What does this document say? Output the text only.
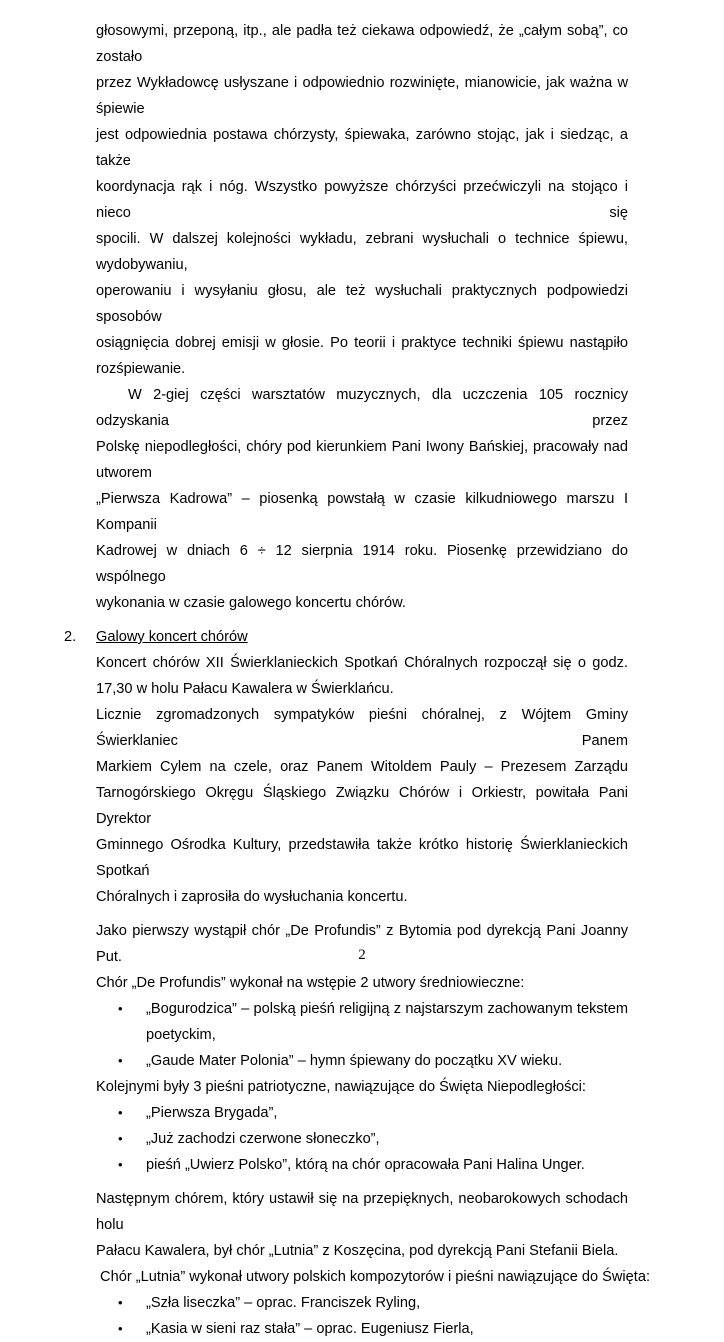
głosowymi, przeponą, itp., ale padła też ciekawa odpowiedź, że „całym sobą”, co zostało

przez Wykładowcę usłyszane i odpowiednio rozwinięte, mianowicie, jak ważna w śpiewie

jest odpowiednia postawa chórzysty, śpiewaka, zarówno stojąc, jak i siedząc, a także

koordynacja rąk i nóg. Wszystko powyższe chórzyści przećwiczyli na stojąco i nieco się

spocili. W dalszej kolejności wykładu, zebrani wysłuchali o technice śpiewu, wydobywaniu,

operowaniu i wysyłaniu głosu, ale też wysłuchali praktycznych podpowiedzi sposobów

osiągnięcia dobrej emisji w głosie. Po teorii i praktyce techniki śpiewu nastąpiło

rozśpiewanie.

W 2-giej części warsztatów muzycznych, dla uczczenia 105 rocznicy odzyskania przez

Polskę niepodległości, chóry pod kierunkiem Pani Iwony Bańskiej, pracowały nad utworem

„Pierwsza Kadrowa” – piosenką powstałą w czasie kilkudniowego marszu I Kompanii

Kadrowej w dniach 6 ÷ 12 sierpnia 1914 roku. Piosenkę przewidziano do wspólnego

wykonania w czasie galowego koncertu chórów.

2. Galowy koncert chórów

Koncert chórów XII Świerklanieckich Spotkań Chóralnych rozpoczął się o godz.

17,30 w holu Pałacu Kawalera w Świerklańcu.

Licznie zgromadzonych sympatyków pieśni chóralnej, z Wójtem Gminy Świerklaniec Panem

Markiem Cylem na czele, oraz Panem Witoldem Pauly – Prezesem Zarządu

Tarnogórskiego Okręgu Śląskiego Związku Chórów i Orkiestr, powitała Pani Dyrektor

Gminnego Ośrodka Kultury, przedstawiła także krótko historię Świerklanieckich Spotkań

Chóralnych i zaprosiła do wysłuchania koncertu.

Jako pierwszy wystąpił chór „De Profundis” z Bytomia pod dyrekcją Pani Joanny Put.

Chór „De Profundis” wykonał na wstępie 2 utwory średniowieczne:

• „Bogurodzica” – polską pieśń religijną z najstarszym zachowanym tekstem
poetyckim,
• „Gaude Mater Polonia” – hymn śpiewany do początku XV wieku.

Kolejnymi były 3 pieśni patriotyczne, nawiązujące do Święta Niepodległości:

• „Pierwsza Brygada”,
• „Już zachodzi czerwone słoneczko”,
• pieśń „Uwierz Polsko”, którą na chór opracowała Pani Halina Unger.

Następnym chórem, który ustawił się na przepięknych, neobarokowych schodach holu

Pałacu Kawalera, był chór „Lutnia” z Koszęcina, pod dyrekcją Pani Stefanii Biela.

Chór „Lutnia” wykonał utwory polskich kompozytorów i pieśni nawiązujące do Święta:

• „Szła liseczka” – oprac. Franciszek Ryling,
• „Kasia w sieni raz stała” – oprac. Eugeniusz Fierla,
2
